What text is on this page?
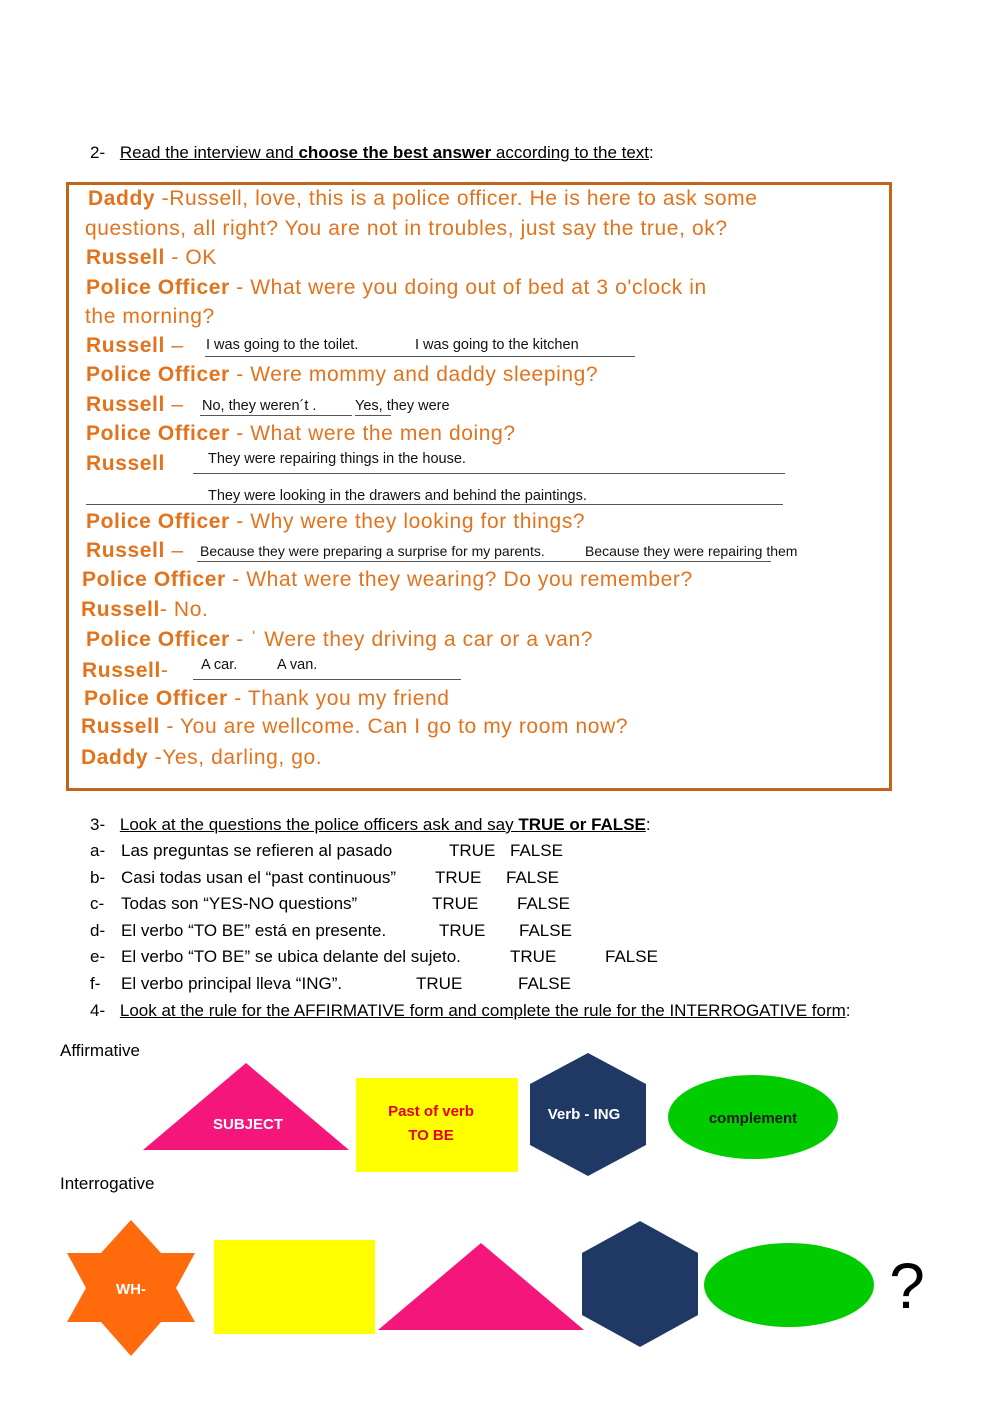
2- Read the interview and choose the best answer according to the text:
Daddy -Russell, love, this is a police officer. He is here to ask some
questions, all right? You are not in troubles, just say the true, ok?
Russell - OK
Police Officer - What were you doing out of bed at 3 o'clock in
the morning?
Russell – I was going to the toilet.	I was going to the kitchen
Police Officer - Were mommy and daddy sleeping?
Russell – No, they weren´t .	Yes, they were
Police Officer - What were the men doing?
Russell	They were repairing things in the house.
They were looking in the drawers and behind the paintings.
Police Officer - Why were they looking for things?
Russell – Because they were preparing a surprise for my parents.	Because they were repairing them
Police Officer - What were they wearing? Do you remember?
Russell- No.
Police Officer - ˈ Were they driving a car or a van?
Russell- A car.	A van.
Police Officer - Thank you my friend
Russell - You are wellcome. Can I go to my room now?
Daddy -Yes, darling, go.
3- Look at the questions the police officers ask and say TRUE or FALSE:
a- Las preguntas se refieren al pasado	TRUE FALSE
b- Casi todas usan el “past continuous” TRUE FALSE
c- Todas son “YES-NO questions”	TRUE FALSE
d- El verbo “TO BE” está en presente.	TRUE FALSE
e- El verbo “TO BE” se ubica delante del sujeto.	TRUE	FALSE
f- El verbo principal lleva “ING”.	TRUE	FALSE
4- Look at the rule for the AFFIRMATIVE form and complete the rule for the INTERROGATIVE form:
Affirmative
SUBJECT
Past of verb
TO BE
Verb - ING	complement
Interrogative
WH-	?
